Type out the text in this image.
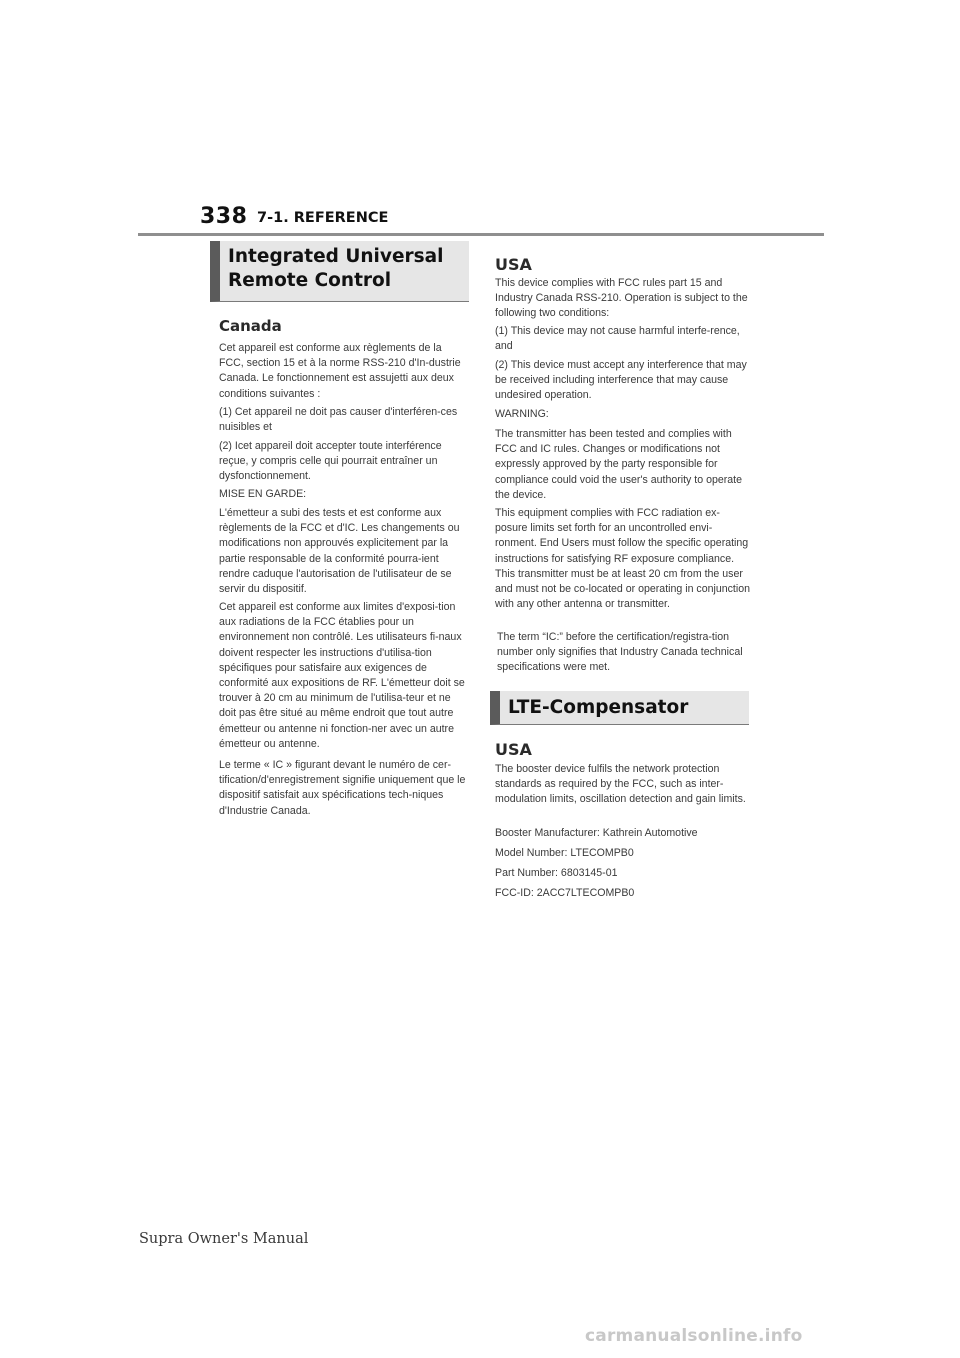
338 7-1. REFERENCE
Integrated Universal
Remote Control
Canada

Cet appareil est conforme aux règlements de la FCC, section 15 et à la norme RSS-210 d'In-dustrie Canada. Le fonctionnement est assujetti aux deux conditions suivantes :

(1) Cet appareil ne doit pas causer d'interféren-ces nuisibles et

(2) Icet appareil doit accepter toute interférence reçue, y compris celle qui pourrait entraîner un dysfonctionnement.

MISE EN GARDE:

L'émetteur a subi des tests et est conforme aux règlements de la FCC et d'IC. Les changements ou modifications non approuvés explicitement par la partie responsable de la conformité pourra-ient rendre caduque l'autorisation de l'utilisateur de se servir du dispositif.

Cet appareil est conforme aux limites d'exposi-tion aux radiations de la FCC établies pour un environnement non contrôlé. Les utilisateurs fi-naux doivent respecter les instructions d'utilisa-tion spécifiques pour satisfaire aux exigences de conformité aux expositions de RF. L'émetteur doit se trouver à 20 cm au minimum de l'utilisa-teur et ne doit pas être situé au même endroit que tout autre émetteur ou antenne ni fonction-ner avec un autre émetteur ou antenne.

Le terme « IC » figurant devant le numéro de cer-tification/d'enregistrement signifie uniquement que le dispositif satisfait aux spécifications tech-niques d'Industrie Canada.

USA

This device complies with FCC rules part 15 and Industry Canada RSS-210. Operation is subject to the following two conditions:

(1) This device may not cause harmful interfe-rence, and

(2) This device must accept any interference that may be received including interference that may cause undesired operation.

WARNING:

The transmitter has been tested and complies with FCC and IC rules. Changes or modifications not expressly approved by the party responsible for compliance could void the user's authority to operate the device.

This equipment complies with FCC radiation ex-posure limits set forth for an uncontrolled envi-ronment. End Users must follow the specific operating instructions for satisfying RF exposure compliance. This transmitter must be at least 20 cm from the user and must not be co-located or operating in conjunction with any other antenna or transmitter.

The term “IC:” before the certification/registra-tion number only signifies that Industry Canada technical specifications were met.

LTE-Compensator
USA

The booster device fulfils the network protection standards as required by the FCC, such as inter-modulation limits, oscillation detection and gain limits.

Booster Manufacturer: Kathrein Automotive

Model Number: LTECOMPB0

Part Number: 6803145-01

FCC-ID: 2ACC7LTECOMPB0

Supra Owner's Manual
carmanualsonline.info
